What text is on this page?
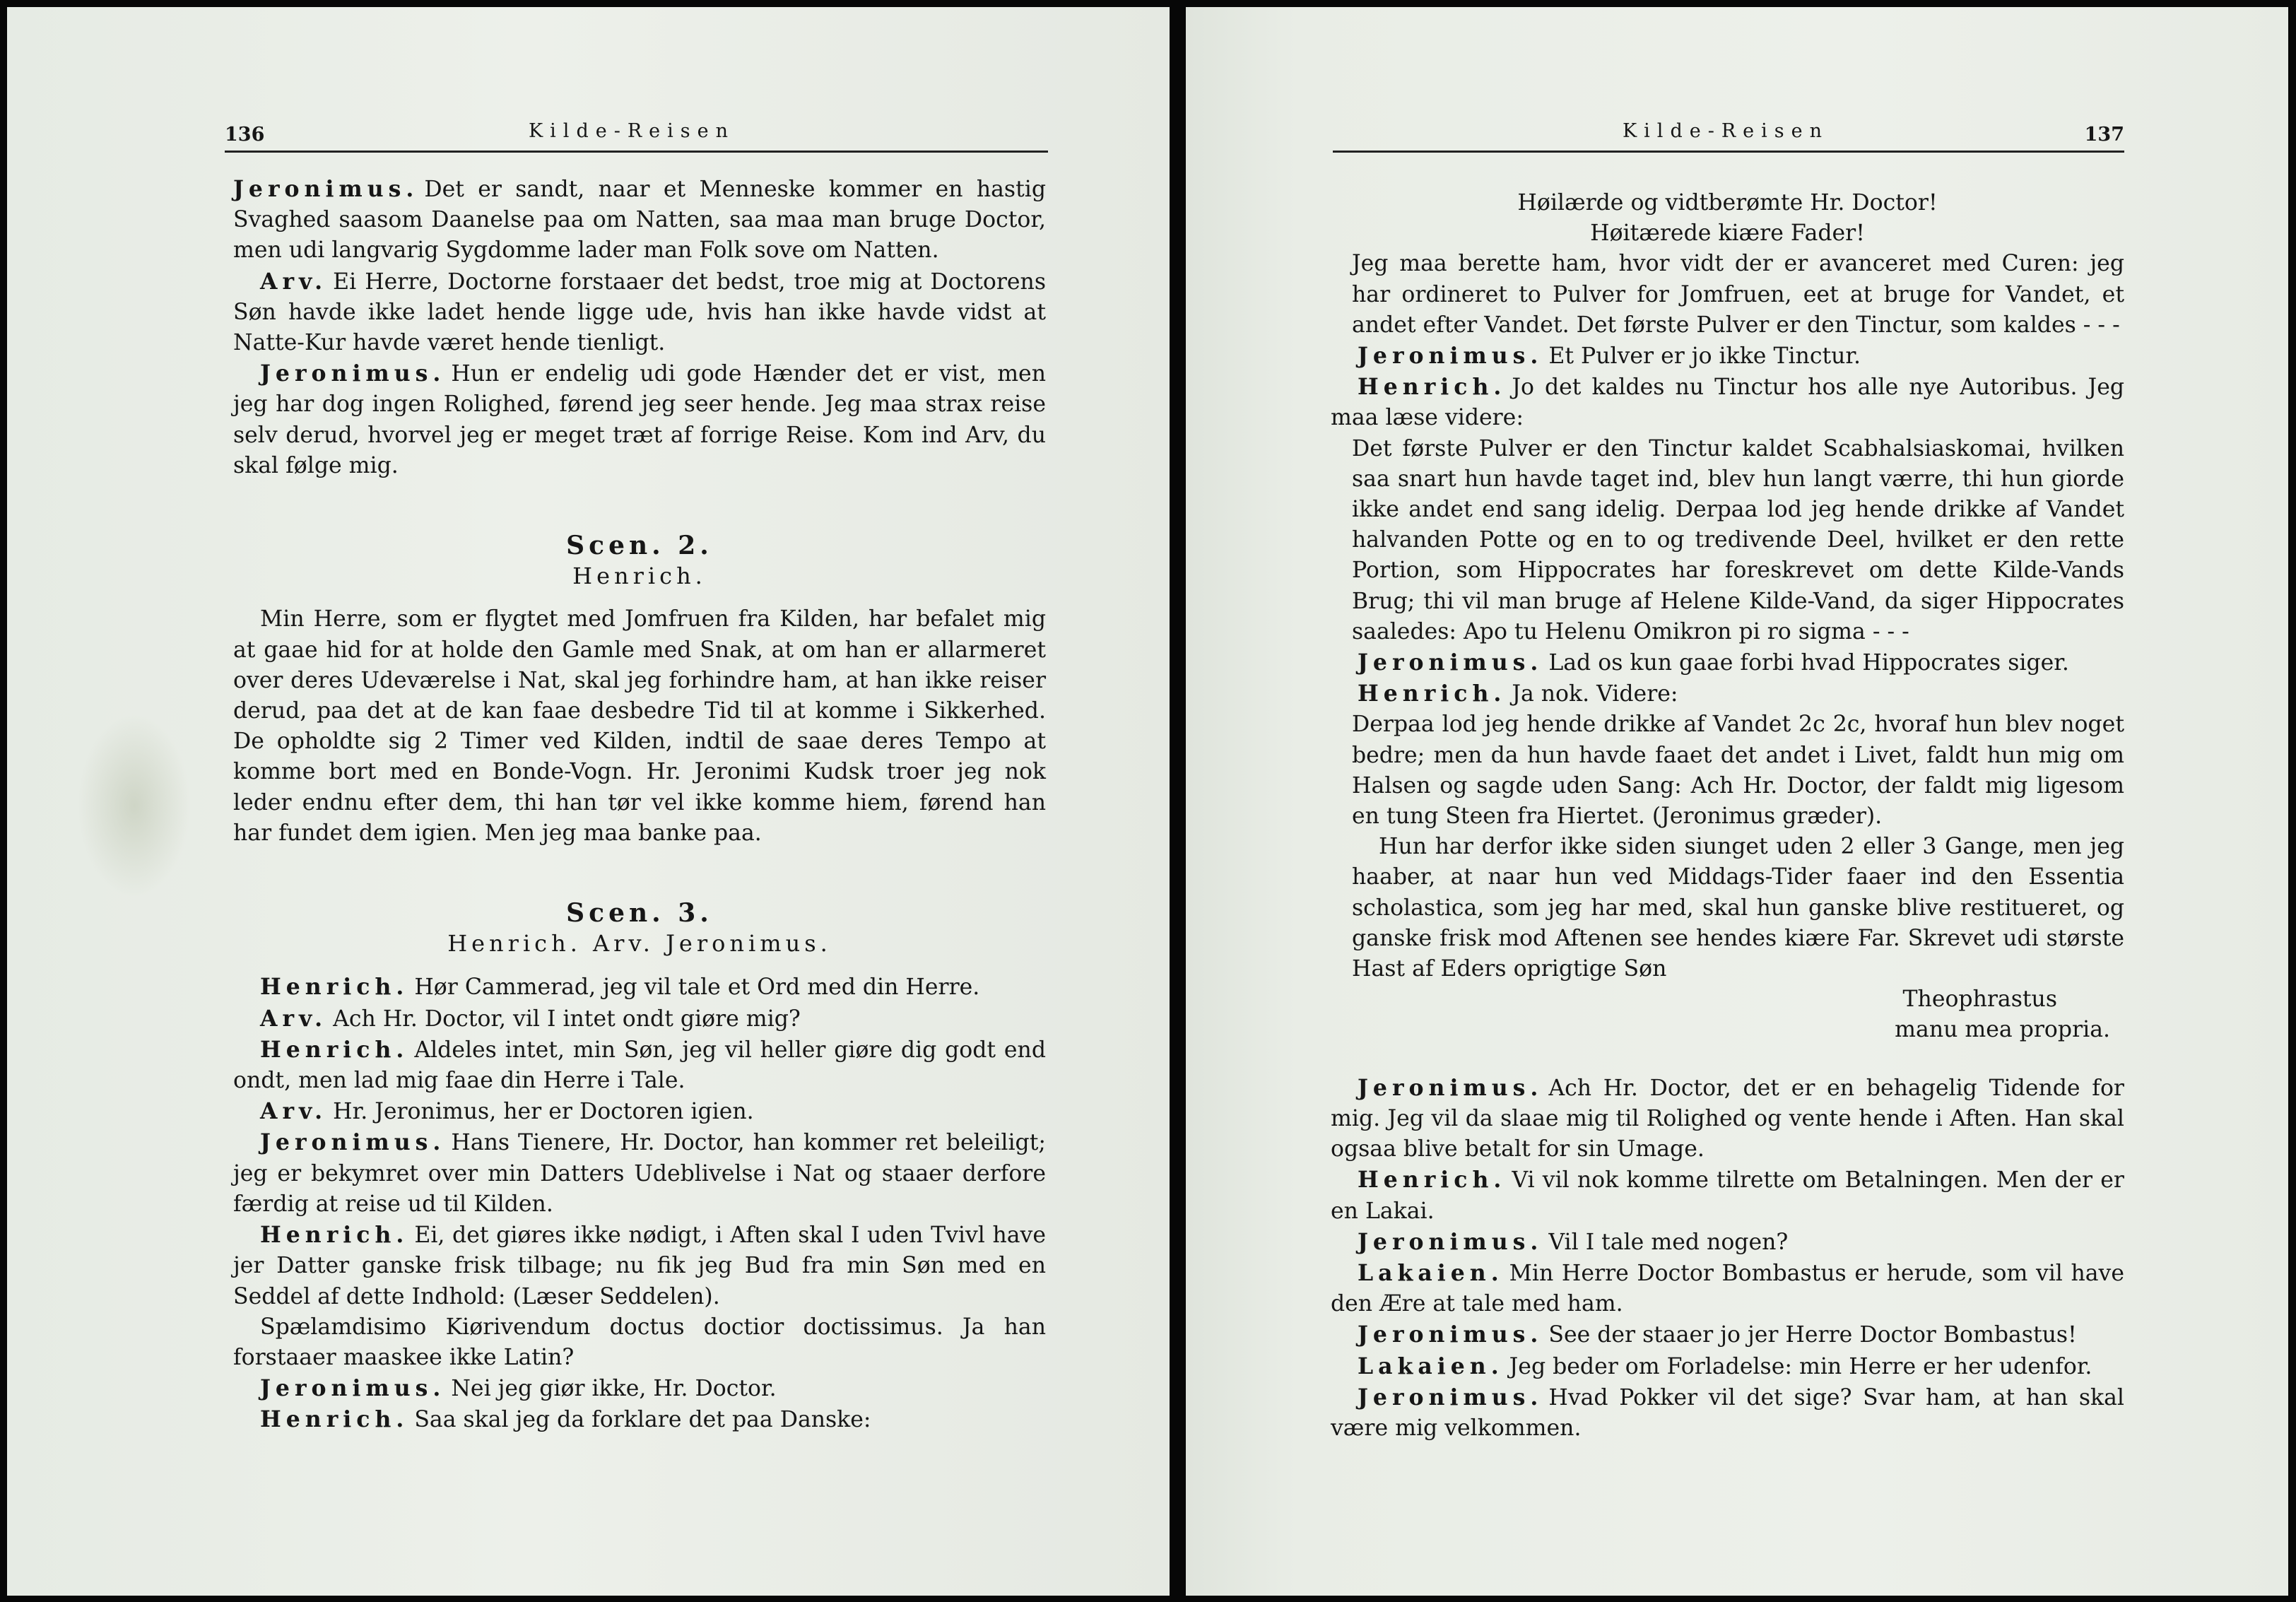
136	Kilde-Reisen
Jeronimus. Det er sandt, naar et Menneske kommer en hastig Svaghed saasom Daanelse paa om Natten, saa maa man bruge Doctor, men udi langvarig Sygdomme lader man Folk sove om Natten.
Arv. Ei Herre, Doctorne forstaaer det bedst, troe mig at Doctorens Søn havde ikke ladet hende ligge ude, hvis han ikke havde vidst at Natte-Kur havde været hende tienligt.
Jeronimus. Hun er endelig udi gode Hænder det er vist, men jeg har dog ingen Rolighed, førend jeg seer hende. Jeg maa strax reise selv derud, hvorvel jeg er meget træt af forrige Reise. Kom ind Arv, du skal følge mig.
Scen. 2.
Henrich.
Min Herre, som er flygtet med Jomfruen fra Kilden, har befalet mig at gaae hid for at holde den Gamle med Snak, at om han er allarmeret over deres Udeværelse i Nat, skal jeg forhindre ham, at han ikke reiser derud, paa det at de kan faae desbedre Tid til at komme i Sikkerhed. De opholdte sig 2 Timer ved Kilden, indtil de saae deres Tempo at komme bort med en Bonde-Vogn. Hr. Jeronimi Kudsk troer jeg nok leder endnu efter dem, thi han tør vel ikke komme hiem, førend han har fundet dem igien. Men jeg maa banke paa.
Scen. 3.
Henrich. Arv. Jeronimus.
Henrich. Hør Cammerad, jeg vil tale et Ord med din Herre.
Arv. Ach Hr. Doctor, vil I intet ondt giøre mig?
Henrich. Aldeles intet, min Søn, jeg vil heller giøre dig godt end ondt, men lad mig faae din Herre i Tale.
Arv. Hr. Jeronimus, her er Doctoren igien.
Jeronimus. Hans Tienere, Hr. Doctor, han kommer ret beleiligt; jeg er bekymret over min Datters Udeblivelse i Nat og staaer derfore færdig at reise ud til Kilden.
Henrich. Ei, det giøres ikke nødigt, i Aften skal I uden Tvivl have jer Datter ganske frisk tilbage; nu fik jeg Bud fra min Søn med en Seddel af dette Indhold: (Læser Seddelen).
Spælamdisimo Kiørivendum doctus doctior doctissimus. Ja han forstaaer maaskee ikke Latin?
Jeronimus. Nei jeg giør ikke, Hr. Doctor.
Henrich. Saa skal jeg da forklare det paa Danske:
Kilde-Reisen	137
Høilærde og vidtberømte Hr. Doctor!
Høitærede kiære Fader!
Jeg maa berette ham, hvor vidt der er avanceret med Curen: jeg har ordineret to Pulver for Jomfruen, eet at bruge for Vandet, et andet efter Vandet. Det første Pulver er den Tinctur, som kaldes - - -
Jeronimus. Et Pulver er jo ikke Tinctur.
Henrich. Jo det kaldes nu Tinctur hos alle nye Autoribus. Jeg maa læse videre:
Det første Pulver er den Tinctur kaldet Scabhalsiaskomai, hvilken saa snart hun havde taget ind, blev hun langt værre, thi hun giorde ikke andet end sang idelig. Derpaa lod jeg hende drikke af Vandet halvanden Potte og en to og tredivende Deel, hvilket er den rette Portion, som Hippocrates har foreskrevet om dette Kilde-Vands Brug; thi vil man bruge af Helene Kilde-Vand, da siger Hippocrates saaledes: Apo tu Helenu Omikron pi ro sigma - - -
Jeronimus. Lad os kun gaae forbi hvad Hippocrates siger.
Henrich. Ja nok. Videre:
Derpaa lod jeg hende drikke af Vandet 2c 2c, hvoraf hun blev noget bedre; men da hun havde faaet det andet i Livet, faldt hun mig om Halsen og sagde uden Sang: Ach Hr. Doctor, der faldt mig ligesom en tung Steen fra Hiertet. (Jeronimus græder).
Hun har derfor ikke siden siunget uden 2 eller 3 Gange, men jeg haaber, at naar hun ved Middags-Tider faaer ind den Essentia scholastica, som jeg har med, skal hun ganske blive restitueret, og ganske frisk mod Aftenen see hendes kiære Far. Skrevet udi største Hast af Eders oprigtige Søn
Theophrastus
manu mea propria.
Jeronimus. Ach Hr. Doctor, det er en behagelig Tidende for mig. Jeg vil da slaae mig til Rolighed og vente hende i Aften. Han skal ogsaa blive betalt for sin Umage.
Henrich. Vi vil nok komme tilrette om Betalningen. Men der er en Lakai.
Jeronimus. Vil I tale med nogen?
Lakaien. Min Herre Doctor Bombastus er herude, som vil have den Ære at tale med ham.
Jeronimus. See der staaer jo jer Herre Doctor Bombastus!
Lakaien. Jeg beder om Forladelse: min Herre er her udenfor.
Jeronimus. Hvad Pokker vil det sige? Svar ham, at han skal være mig velkommen.
